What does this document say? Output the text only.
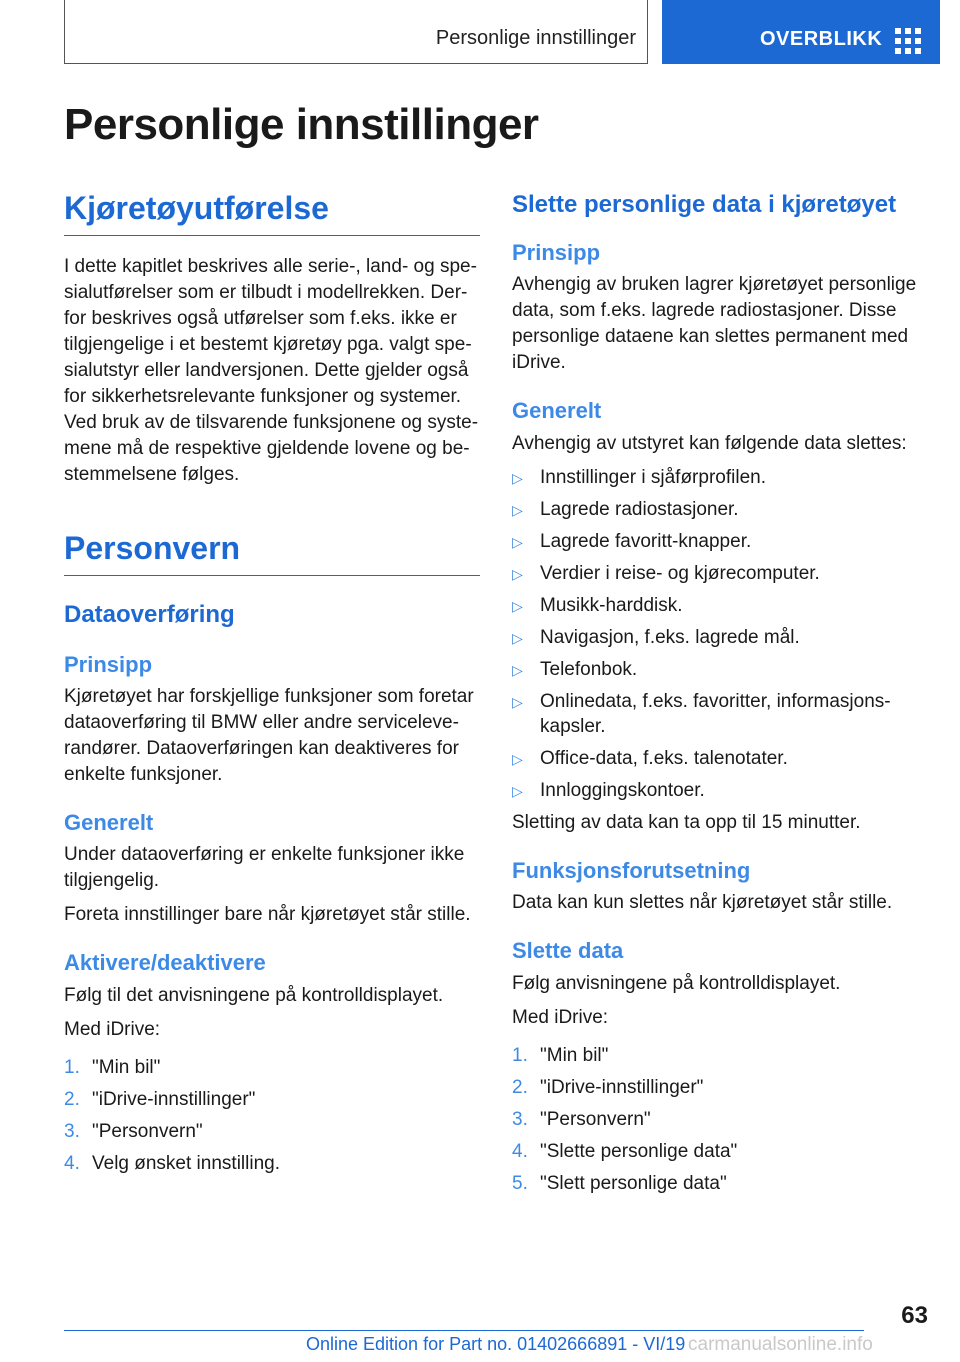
Personlige innstillinger	OVERBLIKK
Personlige innstillinger
Kjøretøyutførelse

I dette kapitlet beskrives alle serie-, land- og spesialutførelser som er tilbudt i modellrekken. Derfor beskrives også utførelser som f.eks. ikke er tilgjengelige i et bestemt kjøretøy pga. valgt spesialutstyr eller landversjonen. Dette gjelder også for sikkerhetsrelevante funksjoner og systemer. Ved bruk av de tilsvarende funksjonene og systemene må de respektive gjeldende lovene og bestemmelsene følges.

Personvern
Dataoverføring
Prinsipp

Kjøretøyet har forskjellige funksjoner som foretar dataoverføring til BMW eller andre serviceleverandører. Dataoverføringen kan deaktiveres for enkelte funksjoner.

Generelt

Under dataoverføring er enkelte funksjoner ikke tilgjengelig.

Foreta innstillinger bare når kjøretøyet står stille.

Aktivere/deaktivere

Følg til det anvisningene på kontrolldisplayet.

Med iDrive:

1. "Min bil"
2. "iDrive-innstillinger"
3. "Personvern"
4. Velg ønsket innstilling.
Slette personlige data i kjøretøyet
Prinsipp

Avhengig av bruken lagrer kjøretøyet personlige data, som f.eks. lagrede radiostasjoner. Disse personlige dataene kan slettes permanent med iDrive.

Generelt

Avhengig av utstyret kan følgende data slettes:

▷ Innstillinger i sjåførprofilen.
▷ Lagrede radiostasjoner.
▷ Lagrede favoritt-knapper.
▷ Verdier i reise- og kjørecomputer.
▷ Musikk-harddisk.
▷ Navigasjon, f.eks. lagrede mål.
▷ Telefonbok.
▷ Onlinedata, f.eks. favoritter, informasjonskapsler.
▷ Office-data, f.eks. talenotater.
▷ Innloggingskontoer.

Sletting av data kan ta opp til 15 minutter.

Funksjonsforutsetning

Data kan kun slettes når kjøretøyet står stille.

Slette data

Følg anvisningene på kontrolldisplayet.

Med iDrive:

1. "Min bil"
2. "iDrive-innstillinger"
3. "Personvern"
4. "Slette personlige data"
5. "Slett personlige data"
63
Online Edition for Part no. 01402666891 - VI/19 carmanualsonline.info
